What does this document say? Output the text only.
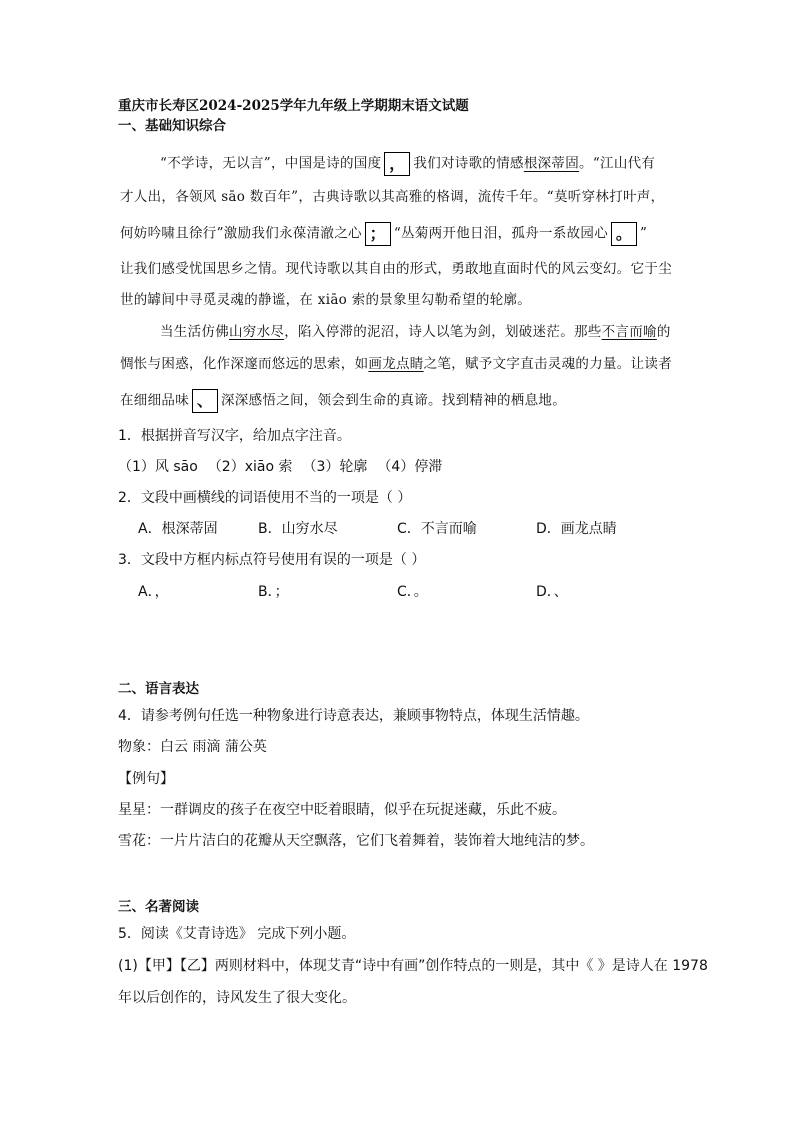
重庆市长寿区2024-2025学年九年级上学期期末语文试题
一、基础知识综合
“不学诗，无以言”，中国是诗的国度 ， 我们对诗歌的情感根深蒂固。“江山代有
才人出，各领风 sāo 数百年”，古典诗歌以其高雅的格调，流传千年。“莫听穿林打叶声，
何妨吟啸且徐行”激励我们永葆清澈之心 ； “丛菊两开他日泪，孤舟一系故园心 。 ”
让我们感受忧国思乡之情。现代诗歌以其自由的形式，勇敢地直面时代的风云变幻。它于尘
世的罅间中寻觅灵魂的静谧，在 xiāo 索的景象里勾勒希望的轮廓。
当生活仿佛山穷水尽，陷入停滞的泥沼，诗人以笔为剑，划破迷茫。那些不言而喻的
惆怅与困惑，化作深邃而悠远的思索，如画龙点睛之笔，赋予文字直击灵魂的力量。让读者
在细细品味 、 深深感悟之间，领会到生命的真谛。找到精神的栖息地。
1．根据拼音写汉字，给加点字注音。
（1）风 sāo （2）xiāo 索 （3）轮廓 （4）停滞
2．文段中画横线的词语使用不当的一项是（ ）
A．根深蒂固	B．山穷水尽	C．不言而喻	D．画龙点睛
3．文段中方框内标点符号使用有误的一项是（ ）
A．，	B．；	C．。	D．、
二、语言表达
4．请参考例句任选一种物象进行诗意表达，兼顾事物特点，体现生活情趣。
物象：白云 雨滴 蒲公英
【例句】
星星：一群调皮的孩子在夜空中眨着眼睛，似乎在玩捉迷藏，乐此不疲。
雪花：一片片洁白的花瓣从天空飘落，它们飞着舞着，装饰着大地纯洁的梦。
三、名著阅读
5．阅读《艾青诗选》 完成下列小题。
(1)【甲】【乙】两则材料中，体现艾青“诗中有画”创作特点的一则是，其中《 》是诗人在 1978
年以后创作的，诗风发生了很大变化。
